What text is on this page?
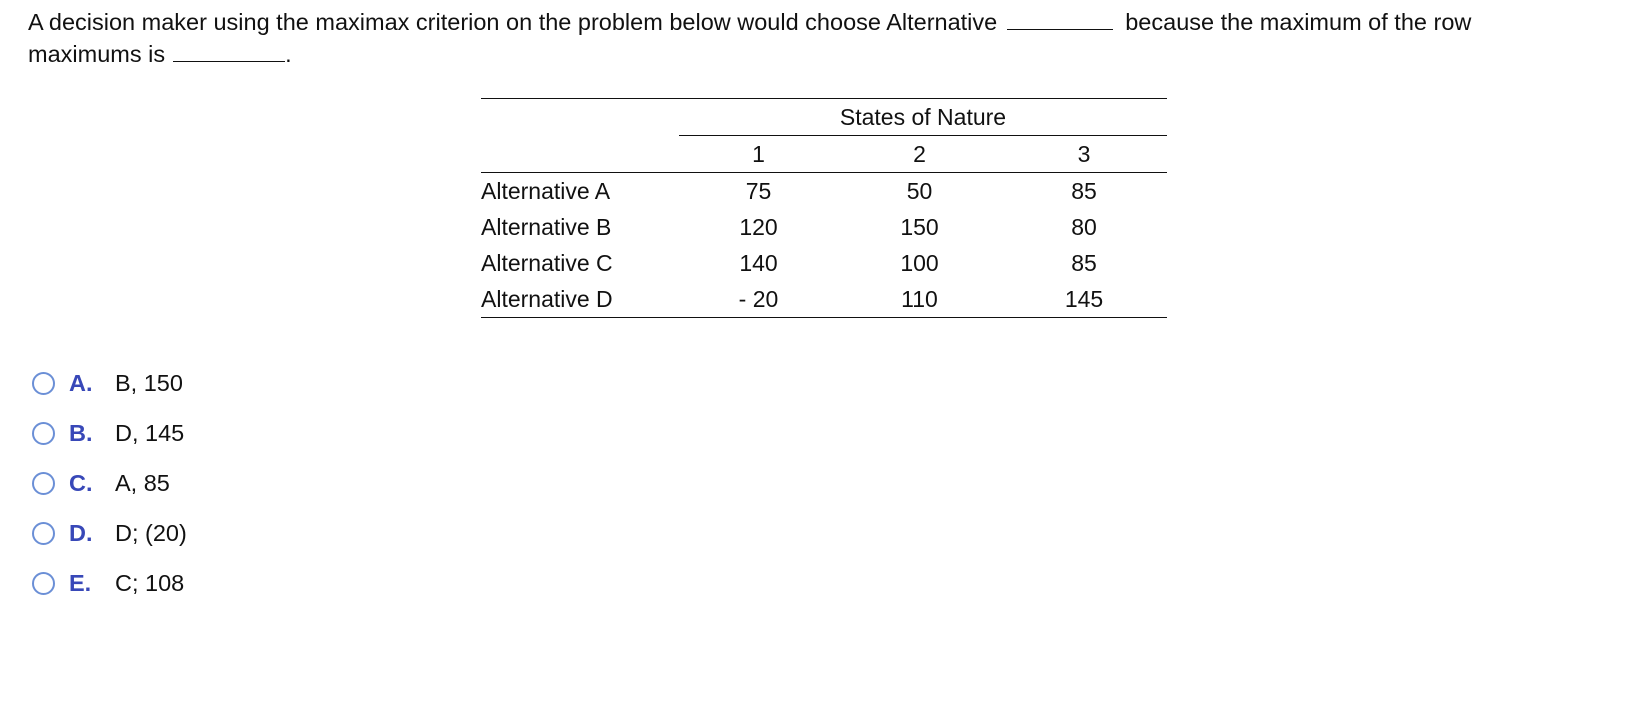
A decision maker using the maximax criterion on the problem below would choose Alternative	because the maximum of the row
maximums is	.
	States of Nature		
	1	2	3
Alternative A	75	50	85
Alternative B	120	150	80
Alternative C	140	100	85
Alternative D	- 20	110	145
A. B, 150
B. D, 145
C. A, 85
D. D; (20)
E.	C; 108
